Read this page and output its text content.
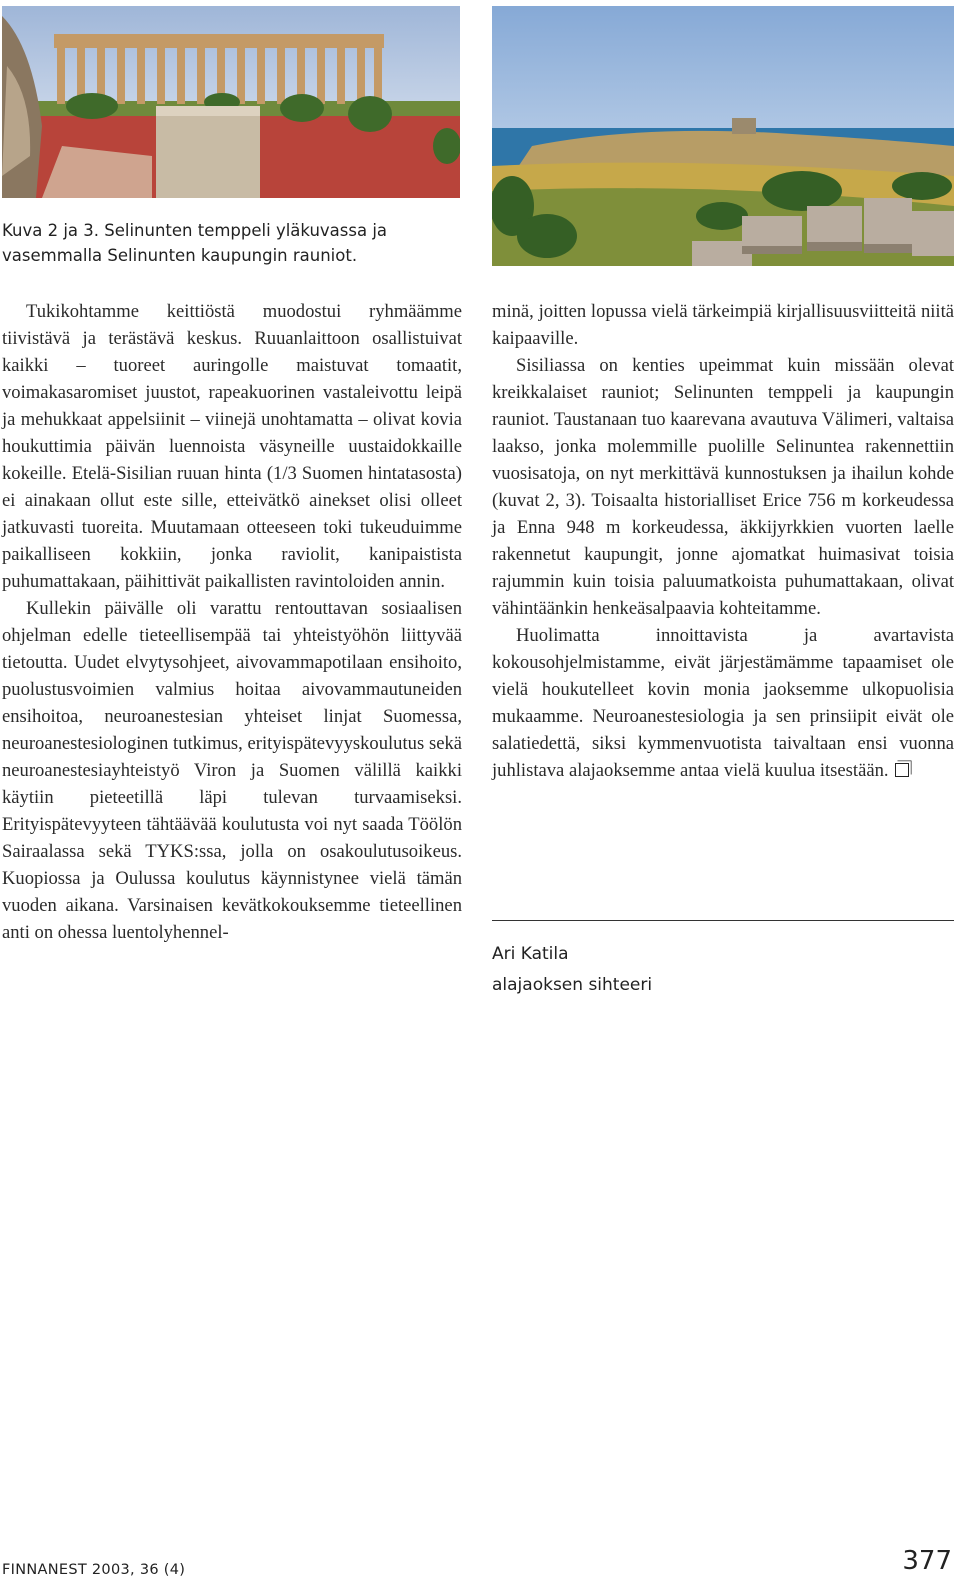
Kuva 2 ja 3. Selinunten temppeli yläkuvassa ja
vasemmalla Selinunten kaupungin rauniot.

Tukikohtamme keittiöstä muodostui ryhmäämme tiivistävä ja terästävä keskus. Ruuanlaittoon osallistuivat kaikki – tuoreet auringolle maistuvat tomaatit, voimakasaromiset juustot, rapeakuorinen vastaleivottu leipä ja mehukkaat appelsiinit – viinejä unohtamatta – olivat kovia houkuttimia päivän luennoista väsyneille uustaidokkaille kokeille. Etelä-Sisilian ruuan hinta (1/3 Suomen hintatasosta) ei ainakaan ollut este sille, etteivätkö ainekset olisi olleet jatkuvasti tuoreita. Muutamaan otteeseen toki tukeuduimme paikalliseen kokkiin, jonka raviolit, kanipaistista puhumattakaan, päihittivät paikallisten ravintoloiden annin.

Kullekin päivälle oli varattu rentouttavan sosiaalisen ohjelman edelle tieteellisempää tai yhteistyöhön liittyvää tietoutta. Uudet elvytysohjeet, aivovammapotilaan ensihoito, puolustusvoimien valmius hoitaa aivovammautuneiden ensihoitoa, neuroanestesian yhteiset linjat Suomessa, neuroanestesiologinen tutkimus, erityispätevyyskoulutus sekä neuroanestesiayhteistyö Viron ja Suomen välillä kaikki käytiin pieteetillä läpi tulevan turvaamiseksi. Erityispätevyyteen tähtäävää koulutusta voi nyt saada Töölön Sairaalassa sekä TYKS:ssa, jolla on osakoulutusoikeus. Kuopiossa ja Oulussa koulutus käynnistynee vielä tämän vuoden aikana. Varsinaisen kevätkokouksemme tieteellinen anti on ohessa luentolyhennel-

minä, joitten lopussa vielä tärkeimpiä kirjallisuusviitteitä niitä kaipaaville.

Sisiliassa on kenties upeimmat kuin missään olevat kreikkalaiset rauniot; Selinunten temppeli ja kaupungin rauniot. Taustanaan tuo kaarevana avautuva Välimeri, valtaisa laakso, jonka molemmille puolille Selinuntea rakennettiin vuosisatoja, on nyt merkittävä kunnostuksen ja ihailun kohde (kuvat 2, 3). Toisaalta historialliset Erice 756 m korkeudessa ja Enna 948 m korkeudessa, äkkijyrkkien vuorten laelle rakennetut kaupungit, jonne ajomatkat huimasivat toisia rajummin kuin toisia paluumatkoista puhumattakaan, olivat vähintäänkin henkeäsalpaavia kohteitamme.

Huolimatta innoittavista ja avartavista kokousohjelmistamme, eivät järjestämämme tapaamiset ole vielä houkutelleet kovin monia jaoksemme ulkopuolisia mukaamme. Neuroanestesiologia ja sen prinsiipit eivät ole salatiedettä, siksi kymmenvuotista taivaltaan ensi vuonna juhlistava alajaoksemme antaa vielä kuulua itsestään.

Ari Katila
alajaoksen sihteeri
FINNANEST 2003, 36 (4)	377
